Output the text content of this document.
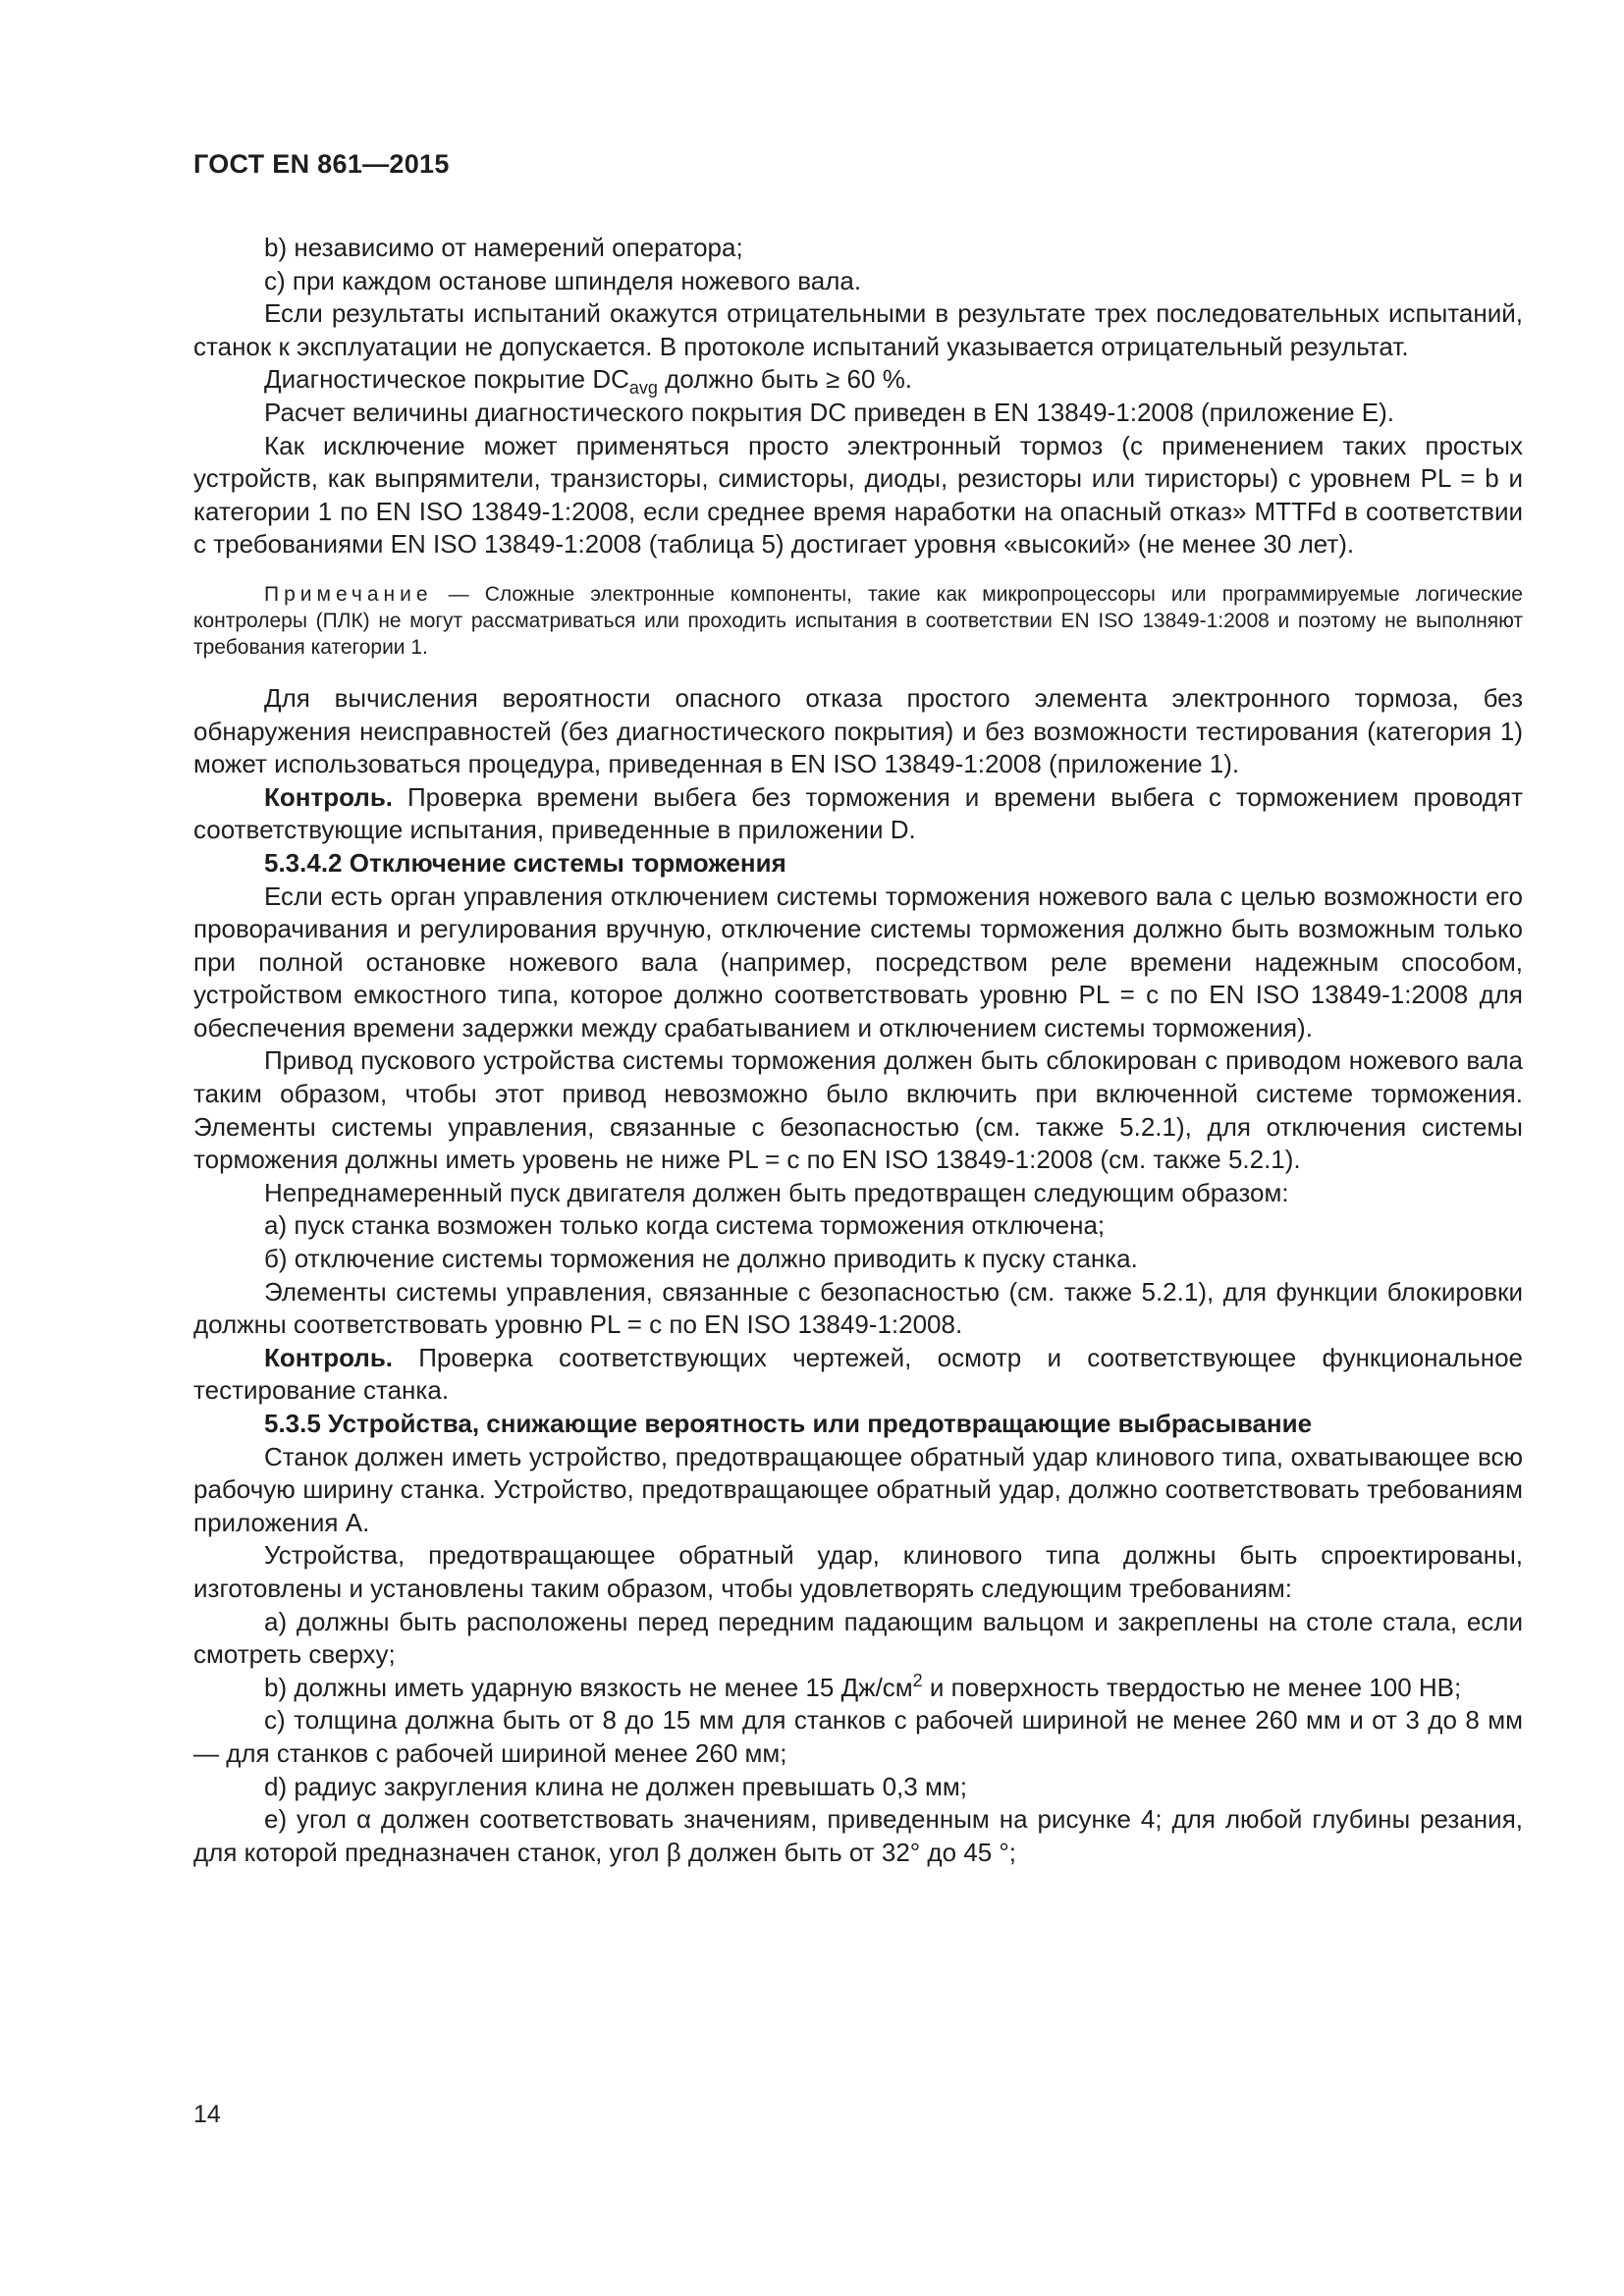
ГОСТ EN 861—2015

b) независимо от намерений оператора;

c) при каждом останове шпинделя ножевого вала.

Если результаты испытаний окажутся отрицательными в результате трех последовательных испытаний, станок к эксплуатации не допускается. В протоколе испытаний указывается отрицательный результат.

Диагностическое покрытие $DC_{avg}$ должно быть ≥ 60 %.

Расчет величины диагностического покрытия DC приведен в EN 13849-1:2008 (приложение E).

Как исключение может применяться просто электронный тормоз (с применением таких простых устройств, как выпрямители, транзисторы, симисторы, диоды, резисторы или тиристоры) с уровнем PL = b и категории 1 по EN ISO 13849-1:2008, если среднее время наработки на опасный отказ» MTTFd в соответствии с требованиями EN ISO 13849-1:2008 (таблица 5) достигает уровня «высокий» (не менее 30 лет).

Примечание — Сложные электронные компоненты, такие как микропроцессоры или программируемые логические контролеры (ПЛК) не могут рассматриваться или проходить испытания в соответствии EN ISO 13849-1:2008 и поэтому не выполняют требования категории 1.

Для вычисления вероятности опасного отказа простого элемента электронного тормоза, без обнаружения неисправностей (без диагностического покрытия) и без возможности тестирования (категория 1) может использоваться процедура, приведенная в EN ISO 13849-1:2008 (приложение 1).

Контроль. Проверка времени выбега без торможения и времени выбега с торможением проводят соответствующие испытания, приведенные в приложении D.

5.3.4.2 Отключение системы торможения

Если есть орган управления отключением системы торможения ножевого вала с целью возможности его проворачивания и регулирования вручную, отключение системы торможения должно быть возможным только при полной остановке ножевого вала (например, посредством реле времени надежным способом, устройством емкостного типа, которое должно соответствовать уровню PL = c по EN ISO 13849-1:2008 для обеспечения времени задержки между срабатыванием и отключением системы торможения).

Привод пускового устройства системы торможения должен быть сблокирован с приводом ножевого вала таким образом, чтобы этот привод невозможно было включить при включенной системе торможения. Элементы системы управления, связанные с безопасностью (см. также 5.2.1), для отключения системы торможения должны иметь уровень не ниже PL = c по EN ISO 13849-1:2008 (см. также 5.2.1).

Непреднамеренный пуск двигателя должен быть предотвращен следующим образом:

a) пуск станка возможен только когда система торможения отключена;

б) отключение системы торможения не должно приводить к пуску станка.

Элементы системы управления, связанные с безопасностью (см. также 5.2.1), для функции блокировки должны соответствовать уровню PL = c по EN ISO 13849-1:2008.

Контроль. Проверка соответствующих чертежей, осмотр и соответствующее функциональное тестирование станка.

5.3.5 Устройства, снижающие вероятность или предотвращающие выбрасывание

Станок должен иметь устройство, предотвращающее обратный удар клинового типа, охватывающее всю рабочую ширину станка. Устройство, предотвращающее обратный удар, должно соответствовать требованиям приложения A.

Устройства, предотвращающее обратный удар, клинового типа должны быть спроектированы, изготовлены и установлены таким образом, чтобы удовлетворять следующим требованиям:

a) должны быть расположены перед передним падающим вальцом и закреплены на столе стала, если смотреть сверху;

b) должны иметь ударную вязкость не менее 15 $Дж/см^2$ и поверхность твердостью не менее 100 HB;

c) толщина должна быть от 8 до 15 мм для станков с рабочей шириной не менее 260 мм и от 3 до 8 мм — для станков с рабочей шириной менее 260 мм;

d) радиус закругления клина не должен превышать 0,3 мм;

e) угол α должен соответствовать значениям, приведенным на рисунке 4; для любой глубины резания, для которой предназначен станок, угол β должен быть от 32° до 45 °;

14
